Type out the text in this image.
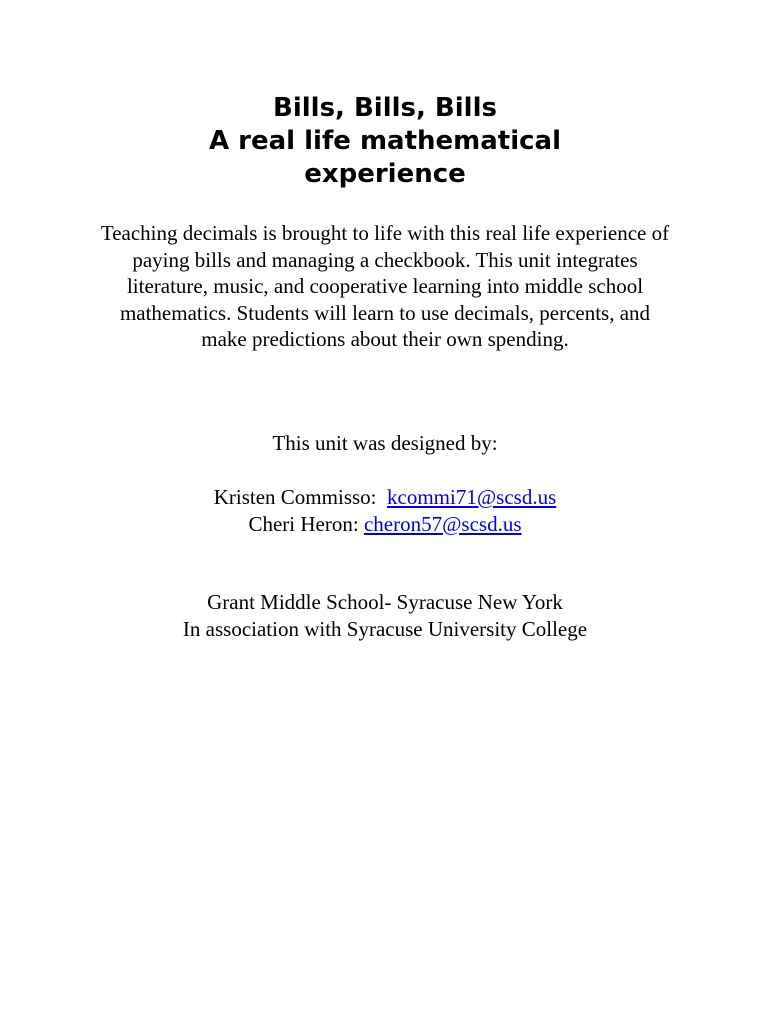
Bills, Bills, Bills
A real life mathematical
experience
Teaching decimals is brought to life with this real life experience of paying bills and managing a checkbook. This unit integrates literature, music, and cooperative learning into middle school mathematics. Students will learn to use decimals, percents, and make predictions about their own spending.
This unit was designed by:
Kristen Commisso: kcommi71@scsd.us
Cheri Heron: cheron57@scsd.us
Grant Middle School- Syracuse New York
In association with Syracuse University College
